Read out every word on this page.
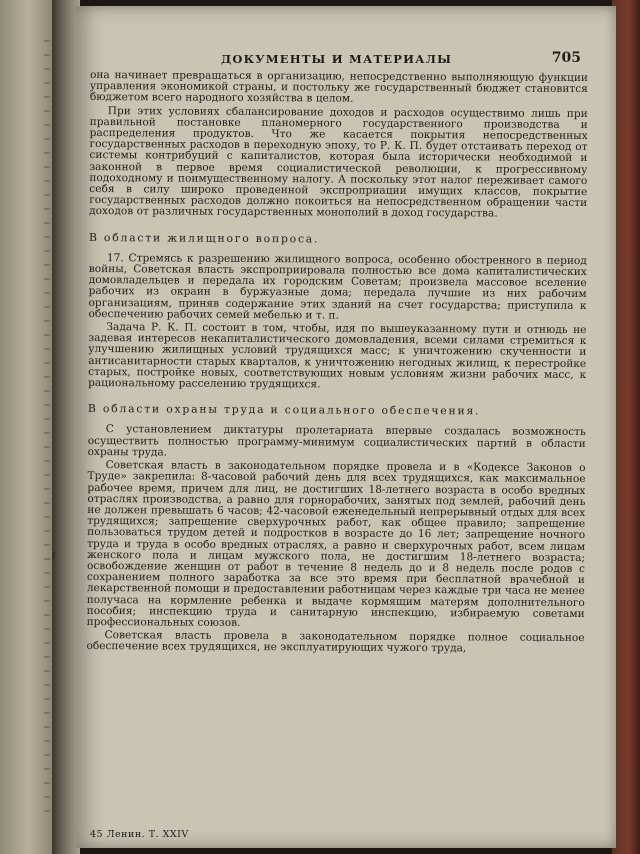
ı
ДОКУМЕНТЫ И МАТЕРИАЛЫ	705

она начинает превращаться в организацию, непосредственно выполняющую функции управления экономикой страны, и постольку же государственный бюджет становится бюджетом всего народного хозяйства в целом.

При этих условиях сбалансирование доходов и расходов осуществимо лишь при правильной постановке планомерного государственного производства и распределения продуктов. Что же касается покрытия непосредственных государственных расходов в переходную эпоху, то Р. К. П. будет отстаивать переход от системы контрибуций с капиталистов, которая была исторически необходимой и законной в первое время социалистической революции, к прогрессивному подоходному и поимущественному налогу. А поскольку этот налог переживает самого себя в силу широко проведенной экспроприации имущих классов, покрытие государственных расходов должно покоиться на непосредственном обращении части доходов от различных государственных монополий в доход государства.

В области жилищного вопроса.

17. Стремясь к разрешению жилищного вопроса, особенно обостренного в период войны, Советская власть экспроприировала полностью все дома капиталистических домовладельцев и передала их городским Советам; произвела массовое вселение рабочих из окраин в буржуазные дома; передала лучшие из них рабочим организациям, приняв содержание этих зданий на счет государства; приступила к обеспечению рабочих семей мебелью и т. п.

Задача Р. К. П. состоит в том, чтобы, идя по вышеуказанному пути и отнюдь не задевая интересов некапиталистического домовладения, всеми силами стремиться к улучшению жилищных условий трудящихся масс; к уничтожению скученности и антисанитарности старых кварталов, к уничтожению негодных жилищ, к перестройке старых, постройке новых, соответствующих новым условиям жизни рабочих масс, к рациональному расселению трудящихся.

В области охраны труда и социального обеспечения.

С установлением диктатуры пролетариата впервые создалась возможность осуществить полностью программу-минимум социалистических партий в области охраны труда.

Советская власть в законодательном порядке провела и в «Кодексе Законов о Труде» закрепила: 8-часовой рабочий день для всех трудящихся, как максимальное рабочее время, причем для лиц, не достигших 18-летнего возраста в особо вредных отраслях производства, а равно для горнорабочих, занятых под землей, рабочий день не должен превышать 6 часов; 42-часовой еженедельный непрерывный отдых для всех трудящихся; запрещение сверхурочных работ, как общее правило; запрещение пользоваться трудом детей и подростков в возрасте до 16 лет; запрещение ночного труда и труда в особо вредных отраслях, а равно и сверхурочных работ, всем лицам женского пола и лицам мужского пола, не достигшим 18-летнего возраста; освобождение женщин от работ в течение 8 недель до и 8 недель после родов с сохранением полного заработка за все это время при бесплатной врачебной и лекарственной помощи и предоставлении работницам через каждые три часа не менее получаса на кормление ребенка и выдаче кормящим матерям дополнительного пособия; инспекцию труда и санитарную инспекцию, избираемую советами профессиональных союзов.

Советская власть провела в законодательном порядке полное социальное обеспечение всех трудящихся, не эксплуатирующих чужого труда,

45 Ленин. Т. XXIV
